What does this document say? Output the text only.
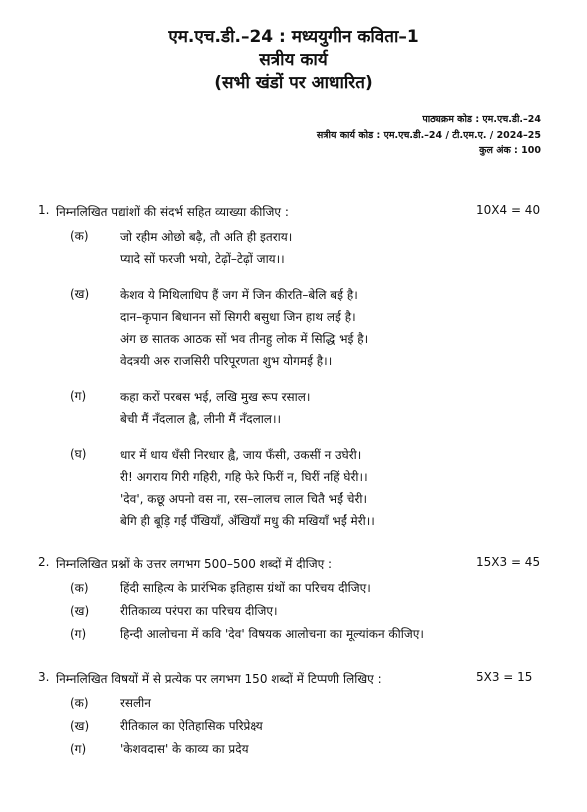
एम.एच.डी.–24 : मध्ययुगीन कविता–1
सत्रीय कार्य
(सभी खंडों पर आधारित)
पाठ्यक्रम कोड : एम.एच.डी.–24
सत्रीय कार्य कोड : एम.एच.डी.–24 / टी.एम.ए. / 2024–25
कुल अंक : 100
1. निम्नलिखित पद्यांशों की संदर्भ सहित व्याख्या कीजिए :	10X4 = 40
(क)	जो रहीम ओछो बढ़ै, तौ अति ही इतराय।
प्यादे सों फरजी भयो, टेढ़ों–टेढ़ों जाय।।
(ख)	केशव ये मिथिलाधिप हैं जग में जिन कीरति–बेलि बई है।
दान–कृपान बिधानन सों सिगरी बसुधा जिन हाथ लई है।
अंग छ सातक आठक सों भव तीनहु लोक में सिद्धि भई है।
वेदत्रयी अरु राजसिरी परिपूरणता शुभ योगमई है।।
(ग)	कहा करों परबस भई, लखि मुख रूप रसाल।
बेची मैं नँदलाल ह्वै, लीनी मैं नँदलाल।।
(घ)	धार में धाय धँसी निरधार ह्वै, जाय फँसी, उकसीं न उघेरी।
री! अगराय गिरी गहिरी, गहि फेरे फिरीं न, घिरीं नहिं घेरी।।
'देव', कछू अपनो वस ना, रस–लालच लाल चितै भईं चेरी।
बेगि ही बूड़ि गईं पँखियाँ, अँखियाँ मधु की मखियाँ भईं मेरी।।
2. निम्नलिखित प्रश्नों के उत्तर लगभग 500–500 शब्दों में दीजिए :	15X3 = 45
(क)	हिंदी साहित्य के प्रारंभिक इतिहास ग्रंथों का परिचय दीजिए।
(ख)	रीतिकाव्य परंपरा का परिचय दीजिए।
(ग)	हिन्दी आलोचना में कवि 'देव' विषयक आलोचना का मूल्यांकन कीजिए।
3. निम्नलिखित विषयों में से प्रत्येक पर लगभग 150 शब्दों में टिप्पणी लिखिए :	5X3 = 15
(क)	रसलीन
(ख)	रीतिकाल का ऐतिहासिक परिप्रेक्ष्य
(ग)	'केशवदास' के काव्य का प्रदेय
